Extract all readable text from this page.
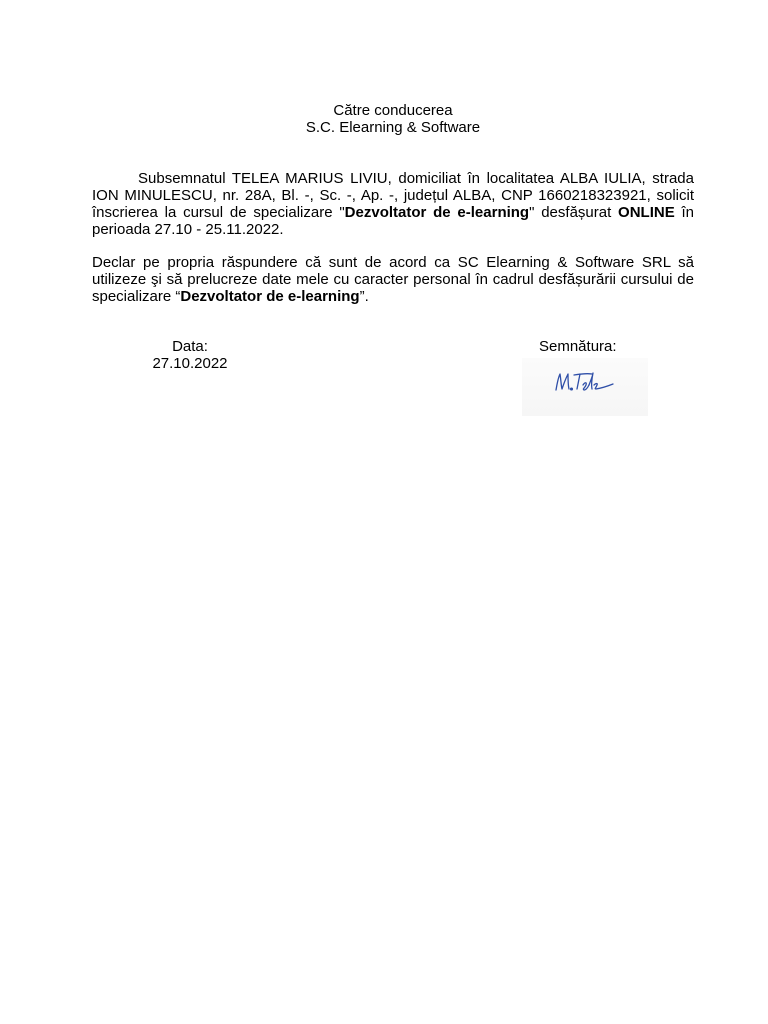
Către conducerea
S.C. Elearning & Software
Subsemnatul TELEA MARIUS LIVIU, domiciliat în localitatea ALBA IULIA, strada ION MINULESCU, nr. 28A, Bl. -, Sc. -, Ap. -, județul ALBA, CNP 1660218323921, solicit înscrierea la cursul de specializare "Dezvoltator de e-learning" desfășurat ONLINE în perioada 27.10 - 25.11.2022.
Declar pe propria răspundere că sunt de acord ca SC Elearning & Software SRL să utilizeze şi să prelucreze date mele cu caracter personal în cadrul desfășurării cursului de specializare “Dezvoltator de e-learning”.
Data:
27.10.2022
Semnătura:
